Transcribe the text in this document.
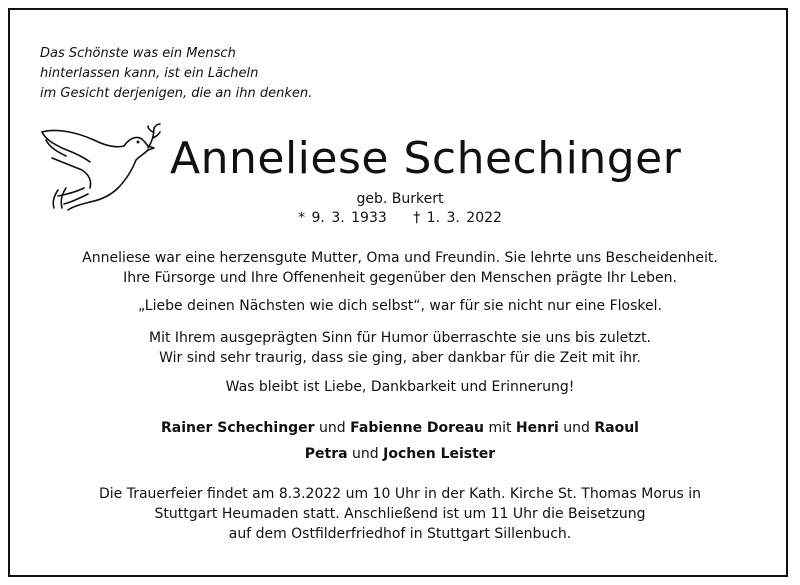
Das Schönste was ein Mensch
hinterlassen kann, ist ein Lächeln
im Gesicht derjenigen, die an ihn denken.
Anneliese Schechinger
geb. Burkert
* 9. 3. 1933 † 1. 3. 2022
Anneliese war eine herzensgute Mutter, Oma und Freundin. Sie lehrte uns Bescheidenheit.
Ihre Fürsorge und Ihre Offenenheit gegenüber den Menschen prägte Ihr Leben.
„Liebe deinen Nächsten wie dich selbst“, war für sie nicht nur eine Floskel.
Mit Ihrem ausgeprägten Sinn für Humor überraschte sie uns bis zuletzt.
Wir sind sehr traurig, dass sie ging, aber dankbar für die Zeit mit ihr.
Was bleibt ist Liebe, Dankbarkeit und Erinnerung!
Rainer Schechinger und Fabienne Doreau mit Henri und Raoul
Petra und Jochen Leister
Die Trauerfeier findet am 8.3.2022 um 10 Uhr in der Kath. Kirche St. Thomas Morus in
Stuttgart Heumaden statt. Anschließend ist um 11 Uhr die Beisetzung
auf dem Ostfilderfriedhof in Stuttgart Sillenbuch.
